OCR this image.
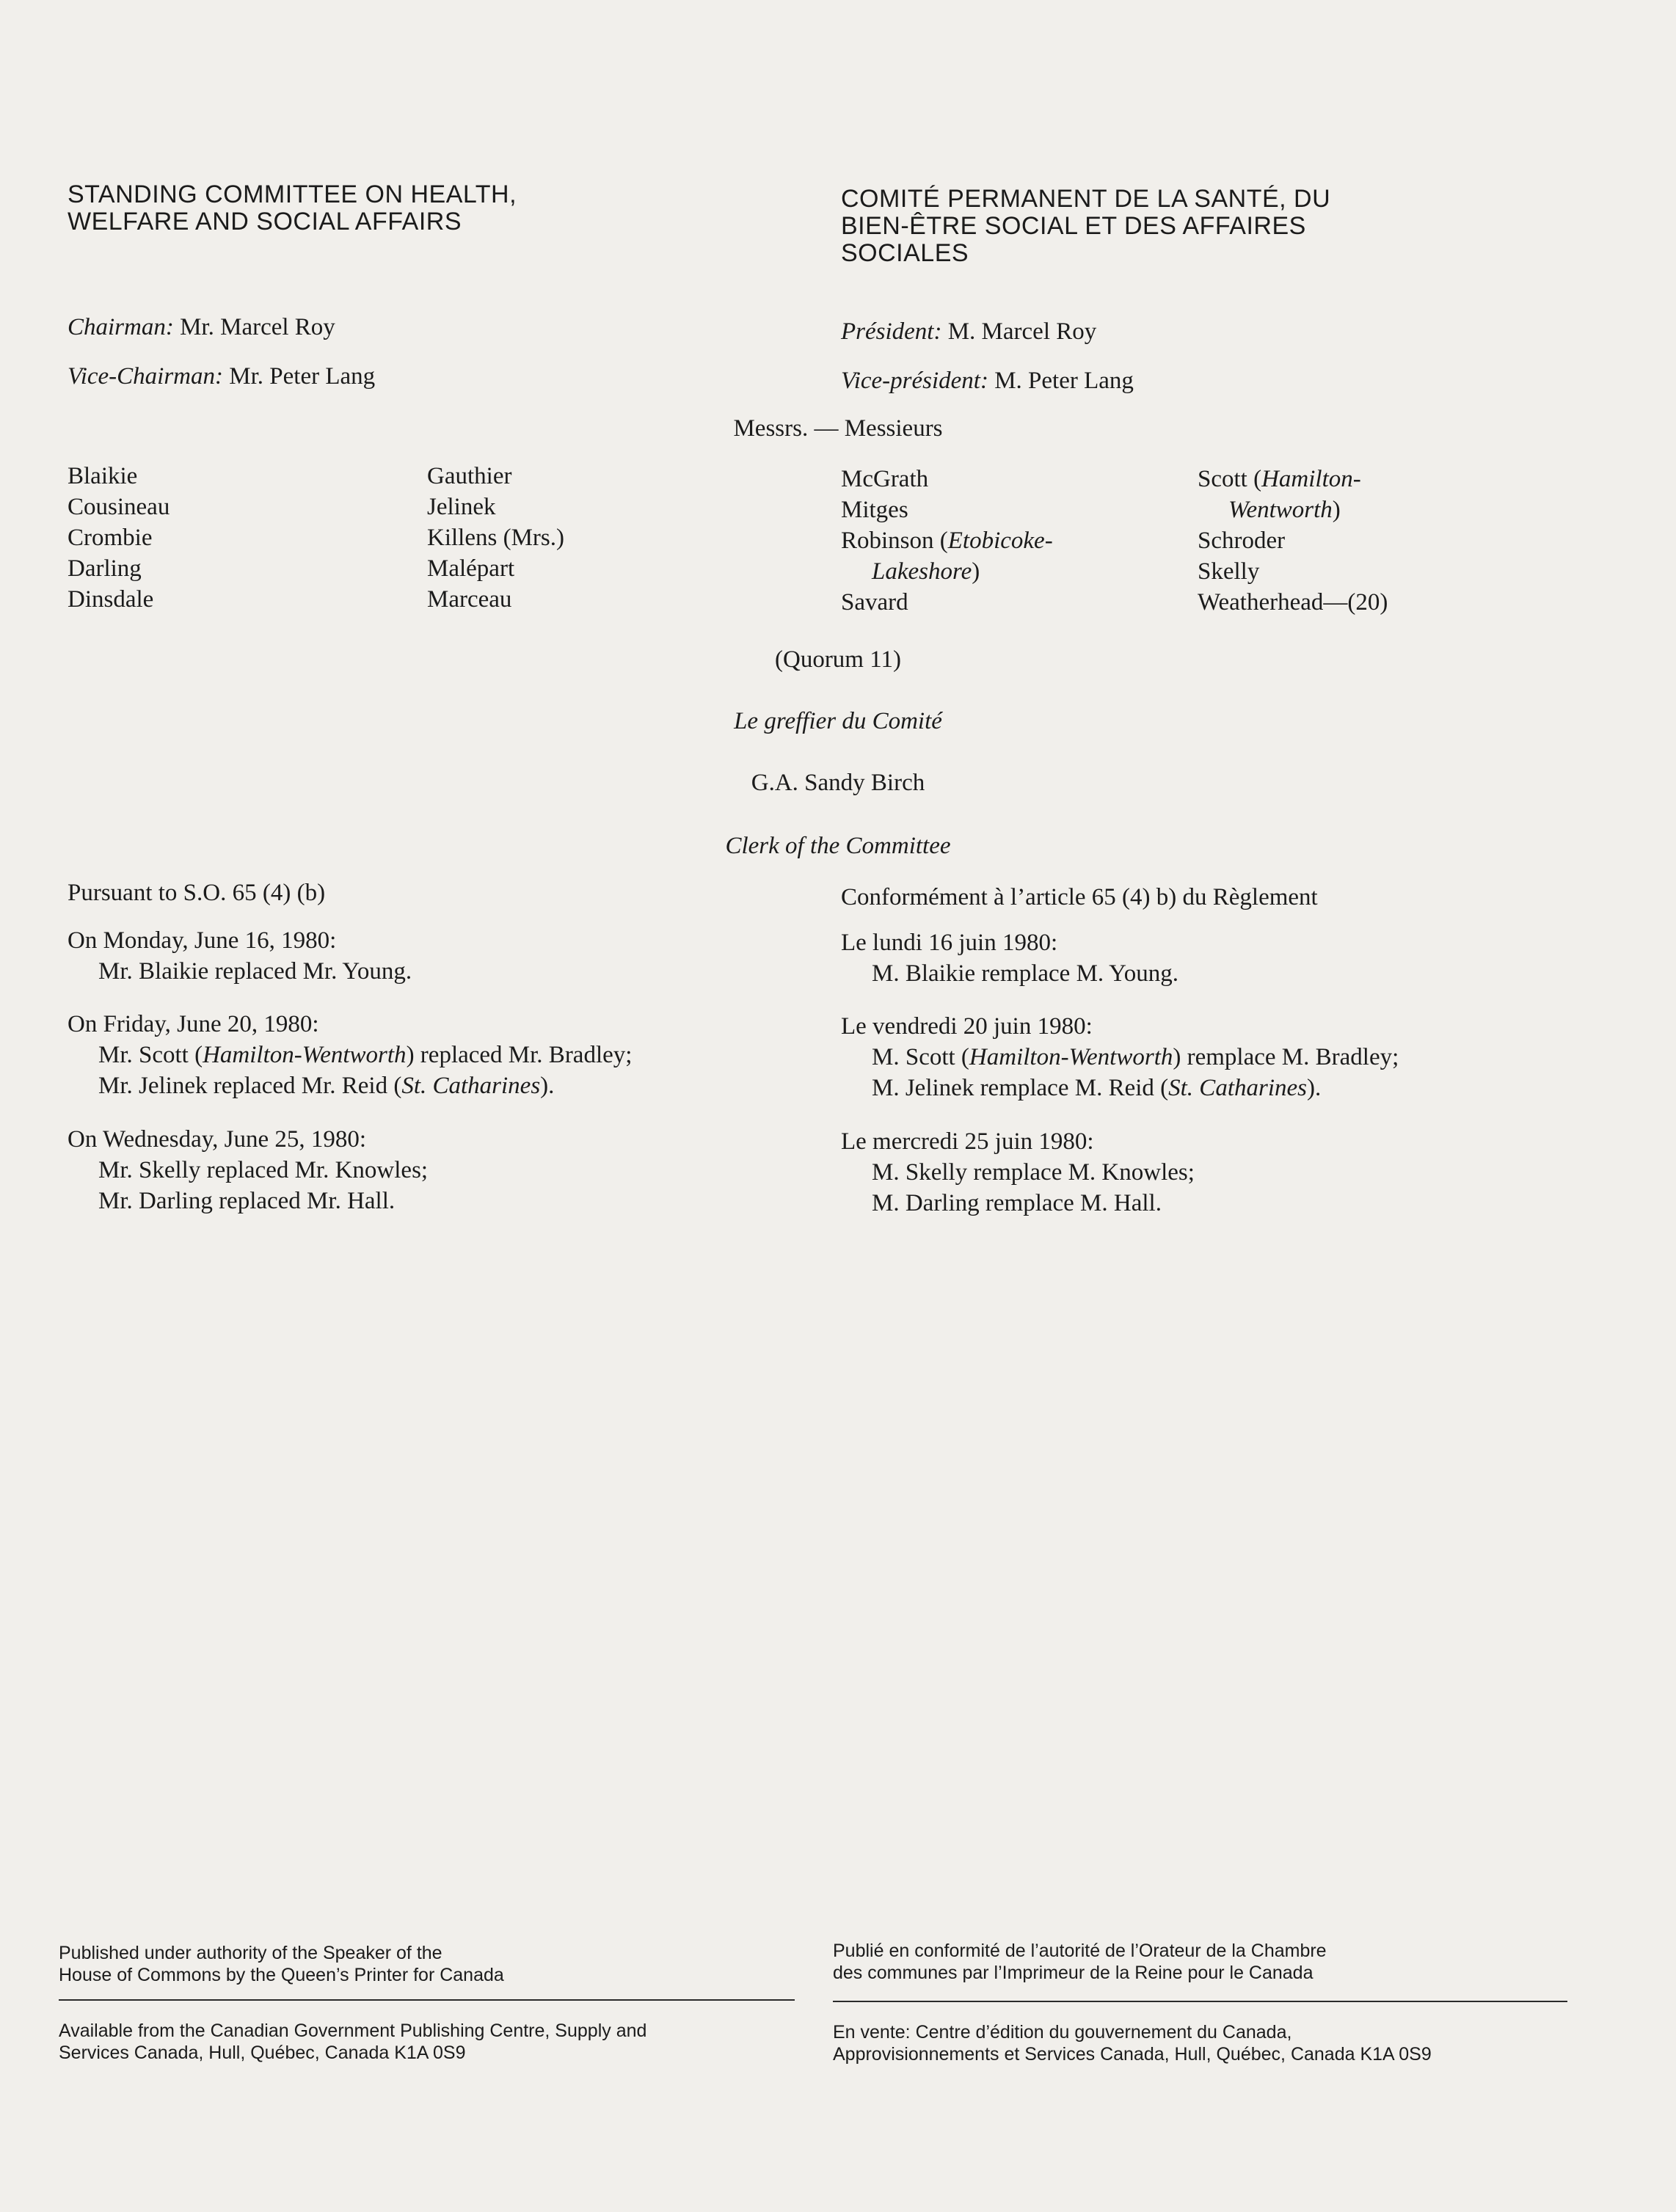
STANDING COMMITTEE ON HEALTH,
WELFARE AND SOCIAL AFFAIRS
COMITÉ PERMANENT DE LA SANTÉ, DU
BIEN-ÊTRE SOCIAL ET DES AFFAIRES
SOCIALES
Chairman: Mr. Marcel Roy
Vice-Chairman: Mr. Peter Lang
Président: M. Marcel Roy
Vice-président: M. Peter Lang
Messrs. — Messieurs
Blaikie
Cousineau
Crombie
Darling
Dinsdale
Gauthier
Jelinek
Killens (Mrs.)
Malépart
Marceau
McGrath
Mitges
Robinson (Etobicoke-
Lakeshore)
Savard
Scott (Hamilton-
Wentworth)
Schroder
Skelly
Weatherhead—(20)
(Quorum 11)
Le greffier du Comité
G.A. Sandy Birch
Clerk of the Committee
Pursuant to S.O. 65 (4) (b)	Conformément à l’article 65 (4) b) du Règlement
On Monday, June 16, 1980:
Mr. Blaikie replaced Mr. Young.
On Friday, June 20, 1980:
Mr. Scott (Hamilton-Wentworth) replaced Mr. Bradley;
Mr. Jelinek replaced Mr. Reid (St. Catharines).
On Wednesday, June 25, 1980:
Mr. Skelly replaced Mr. Knowles;
Mr. Darling replaced Mr. Hall.
Le lundi 16 juin 1980:
M. Blaikie remplace M. Young.
Le vendredi 20 juin 1980:
M. Scott (Hamilton-Wentworth) remplace M. Bradley;
M. Jelinek remplace M. Reid (St. Catharines).
Le mercredi 25 juin 1980:
M. Skelly remplace M. Knowles;
M. Darling remplace M. Hall.
Published under authority of the Speaker of the
House of Commons by the Queen’s Printer for Canada
Publié en conformité de l’autorité de l’Orateur de la Chambre
des communes par l’Imprimeur de la Reine pour le Canada
Available from the Canadian Government Publishing Centre, Supply and
Services Canada, Hull, Québec, Canada K1A 0S9
En vente: Centre d’édition du gouvernement du Canada,
Approvisionnements et Services Canada, Hull, Québec, Canada K1A 0S9
